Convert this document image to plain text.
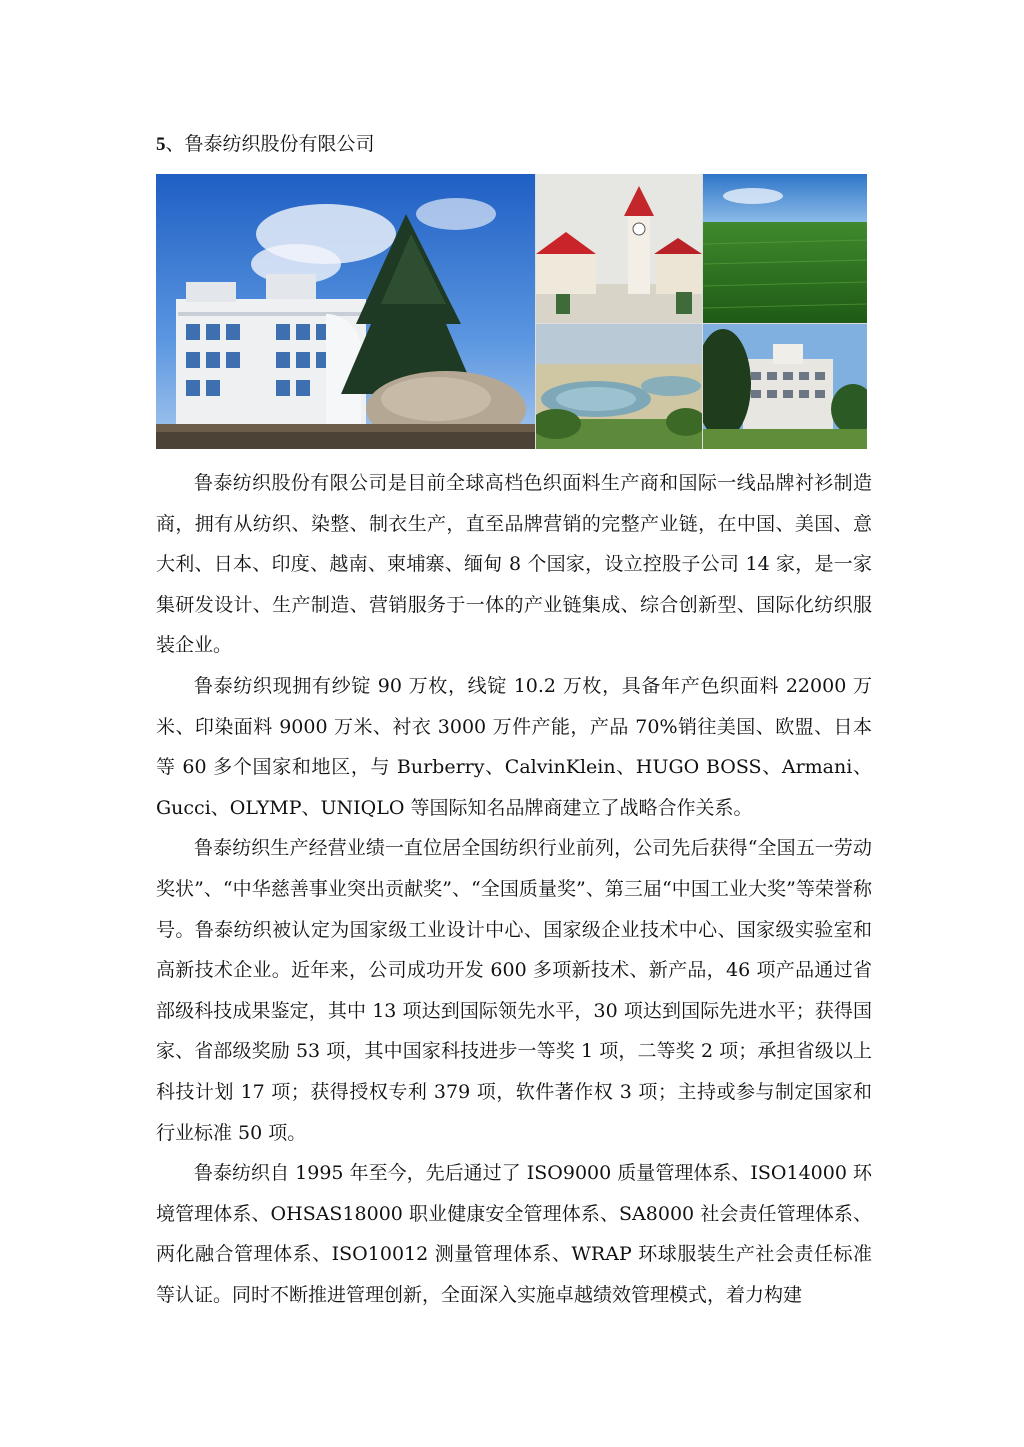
5、鲁泰纺织股份有限公司

鲁泰纺织股份有限公司是目前全球高档色织面料生产商和国际一线品牌衬衫制造商，拥有从纺织、染整、制衣生产，直至品牌营销的完整产业链，在中国、美国、意大利、日本、印度、越南、柬埔寨、缅甸 8 个国家，设立控股子公司 14 家，是一家集研发设计、生产制造、营销服务于一体的产业链集成、综合创新型、国际化纺织服装企业。

鲁泰纺织现拥有纱锭 90 万枚，线锭 10.2 万枚，具备年产色织面料 22000 万米、印染面料 9000 万米、衬衣 3000 万件产能，产品 70%销往美国、欧盟、日本等 60 多个国家和地区，与 Burberry、CalvinKlein、HUGO BOSS、Armani、Gucci、OLYMP、UNIQLO 等国际知名品牌商建立了战略合作关系。

鲁泰纺织生产经营业绩一直位居全国纺织行业前列，公司先后获得“全国五一劳动奖状”、“中华慈善事业突出贡献奖”、“全国质量奖”、第三届“中国工业大奖”等荣誉称号。鲁泰纺织被认定为国家级工业设计中心、国家级企业技术中心、国家级实验室和高新技术企业。近年来，公司成功开发 600 多项新技术、新产品，46 项产品通过省部级科技成果鉴定，其中 13 项达到国际领先水平，30 项达到国际先进水平；获得国家、省部级奖励 53 项，其中国家科技进步一等奖 1 项，二等奖 2 项；承担省级以上科技计划 17 项；获得授权专利 379 项，软件著作权 3 项；主持或参与制定国家和行业标准 50 项。

鲁泰纺织自 1995 年至今，先后通过了 ISO9000 质量管理体系、ISO14000 环境管理体系、OHSAS18000 职业健康安全管理体系、SA8000 社会责任管理体系、两化融合管理体系、ISO10012 测量管理体系、WRAP 环球服装生产社会责任标准等认证。同时不断推进管理创新，全面深入实施卓越绩效管理模式，着力构建
